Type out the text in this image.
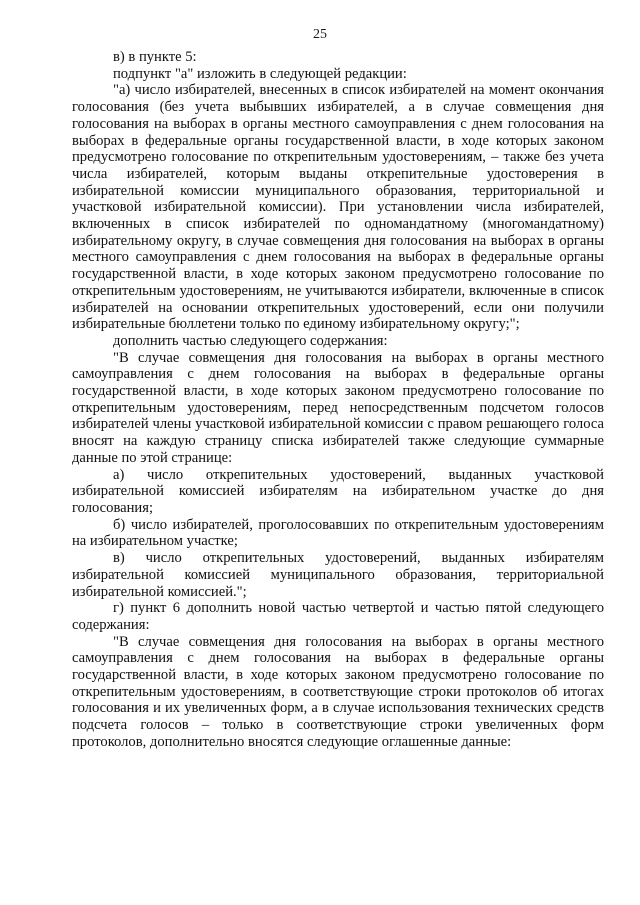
25

в) в пункте 5:

подпункт "а" изложить в следующей редакции:

"а) число избирателей, внесенных в список избирателей на момент окончания голосования (без учета выбывших избирателей, а в случае совмещения дня голосования на выборах в органы местного самоуправления с днем голосования на выборах в федеральные органы государственной власти, в ходе которых законом предусмотрено голосование по открепительным удостоверениям, – также без учета числа избирателей, которым выданы открепительные удостоверения в избирательной комиссии муниципального образования, территориальной и участковой избирательной комиссии). При установлении числа избирателей, включенных в список избирателей по одномандатному (многомандатному) избирательному округу, в случае совмещения дня голосования на выборах в органы местного самоуправления с днем голосования на выборах в федеральные органы государственной власти, в ходе которых законом предусмотрено голосование по открепительным удостоверениям, не учитываются избиратели, включенные в список избирателей на основании открепительных удостоверений, если они получили избирательные бюллетени только по единому избирательному округу;";

дополнить частью следующего содержания:

"В случае совмещения дня голосования на выборах в органы местного самоуправления с днем голосования на выборах в федеральные органы государственной власти, в ходе которых законом предусмотрено голосование по открепительным удостоверениям, перед непосредственным подсчетом голосов избирателей члены участковой избирательной комиссии с правом решающего голоса вносят на каждую страницу списка избирателей также следующие суммарные данные по этой странице:

а) число открепительных удостоверений, выданных участковой избирательной комиссией избирателям на избирательном участке до дня голосования;

б) число избирателей, проголосовавших по открепительным удостоверениям на избирательном участке;

в) число открепительных удостоверений, выданных избирателям избирательной комиссией муниципального образования, территориальной избирательной комиссией.";

г) пункт 6 дополнить новой частью четвертой и частью пятой следующего содержания:

"В случае совмещения дня голосования на выборах в органы местного самоуправления с днем голосования на выборах в федеральные органы государственной власти, в ходе которых законом предусмотрено голосование по открепительным удостоверениям, в соответствующие строки протоколов об итогах голосования и их увеличенных форм, а в случае использования технических средств подсчета голосов – только в соответствующие строки увеличенных форм протоколов, дополнительно вносятся следующие оглашенные данные:
